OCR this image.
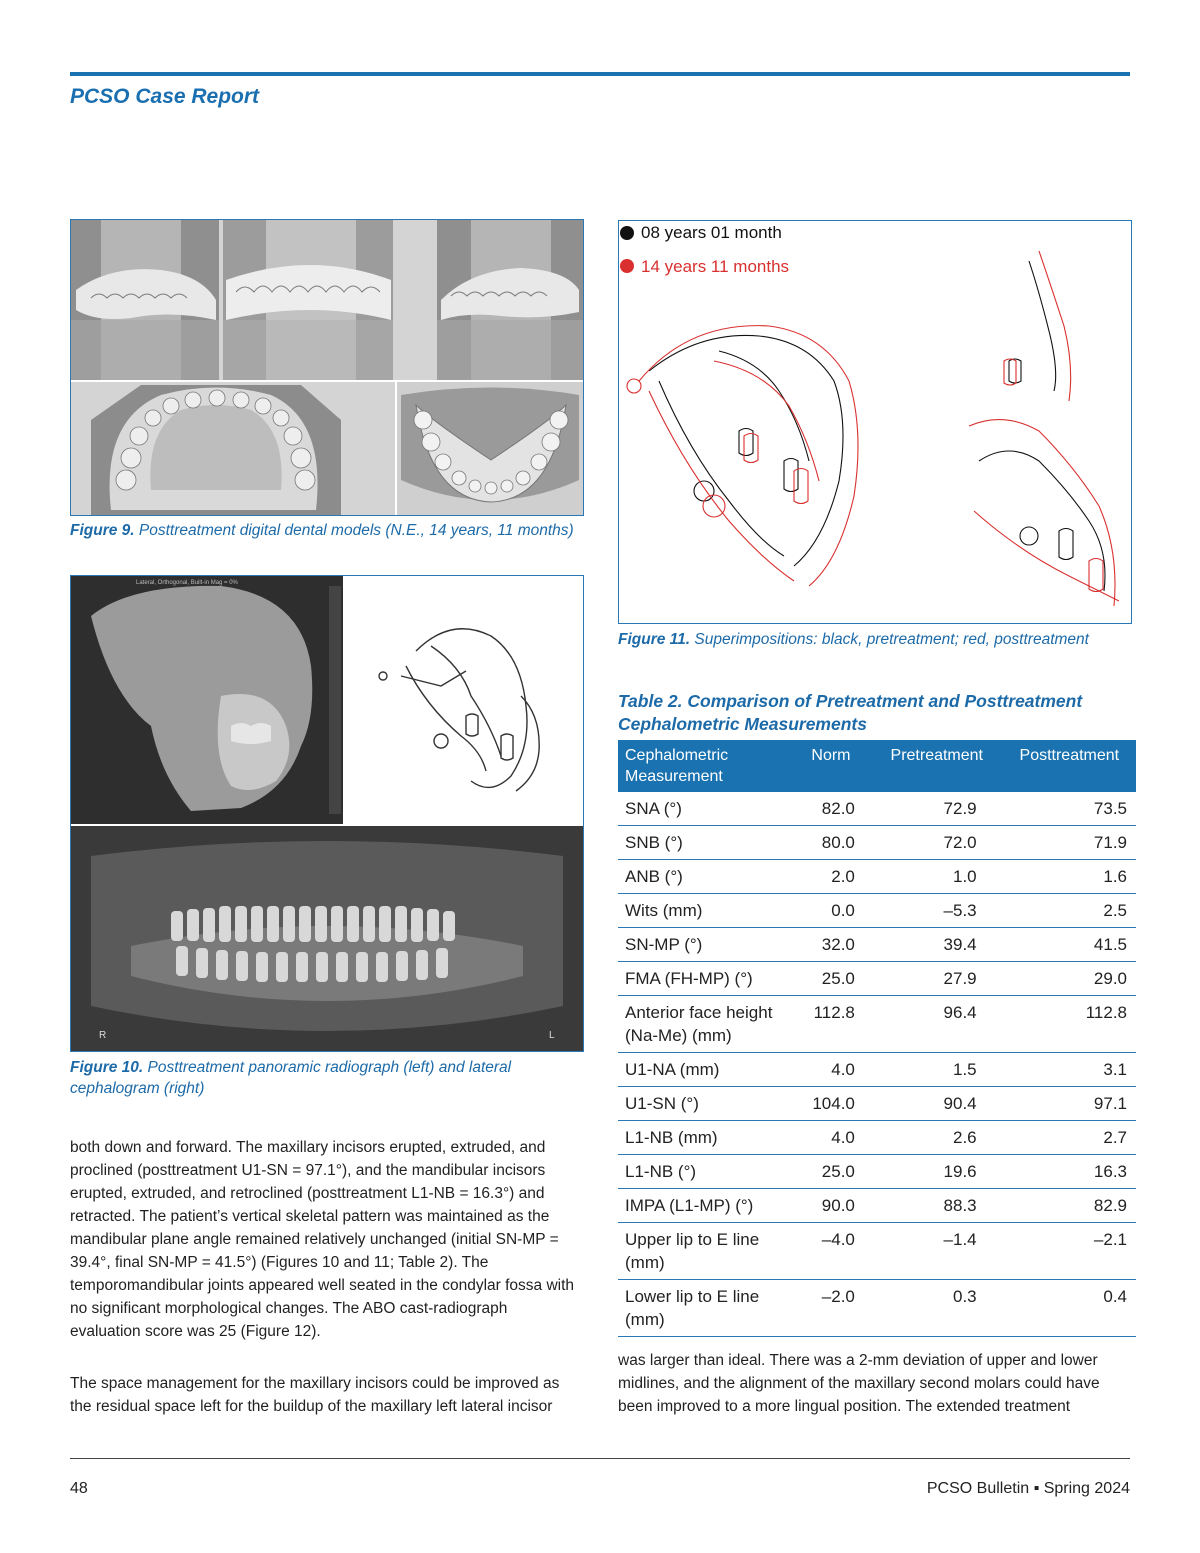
PCSO Case Report
Figure 9. Posttreatment digital dental models (N.E., 14 years, 11 months)
Lateral, Orthogonal, Built-in Mag = 0%
R	L
Figure 10. Posttreatment panoramic radiograph (left) and lateral cephalogram (right)
08 years 01 month
14 years 11 months
Figure 11. Superimpositions: black, pretreatment; red, posttreatment
Table 2. Comparison of Pretreatment and Posttreatment Cephalometric Measurements
Cephalometric Measurement	Norm	Pretreatment	Posttreatment
SNA (°)	82.0	72.9	73.5
SNB (°)	80.0	72.0	71.9
ANB (°)	2.0	1.0	1.6
Wits (mm)	0.0	–5.3	2.5
SN-MP (°)	32.0	39.4	41.5
FMA (FH-MP) (°)	25.0	27.9	29.0
Anterior face height (Na-Me) (mm)	112.8	96.4	112.8
U1-NA (mm)	4.0	1.5	3.1
U1-SN (°)	104.0	90.4	97.1
L1-NB (mm)	4.0	2.6	2.7
L1-NB (°)	25.0	19.6	16.3
IMPA (L1-MP) (°)	90.0	88.3	82.9
Upper lip to E line (mm)	–4.0	–1.4	–2.1
Lower lip to E line (mm)	–2.0	0.3	0.4
both down and forward. The maxillary incisors erupted, extruded, and proclined (posttreatment U1-SN = 97.1°), and the mandibular incisors erupted, extruded, and retroclined (posttreatment L1-NB = 16.3°) and retracted. The patient’s vertical skeletal pattern was maintained as the mandibular plane angle remained relatively unchanged (initial SN-MP = 39.4°, final SN-MP = 41.5°) (Figures 10 and 11; Table 2). The temporomandibular joints appeared well seated in the condylar fossa with no significant morphological changes. The ABO cast-radiograph evaluation score was 25 (Figure 12).
The space management for the maxillary incisors could be improved as the residual space left for the buildup of the maxillary left lateral incisor
was larger than ideal. There was a 2-mm deviation of upper and lower midlines, and the alignment of the maxillary second molars could have been improved to a more lingual position. The extended treatment
48	PCSO Bulletin ▪ Spring 2024
